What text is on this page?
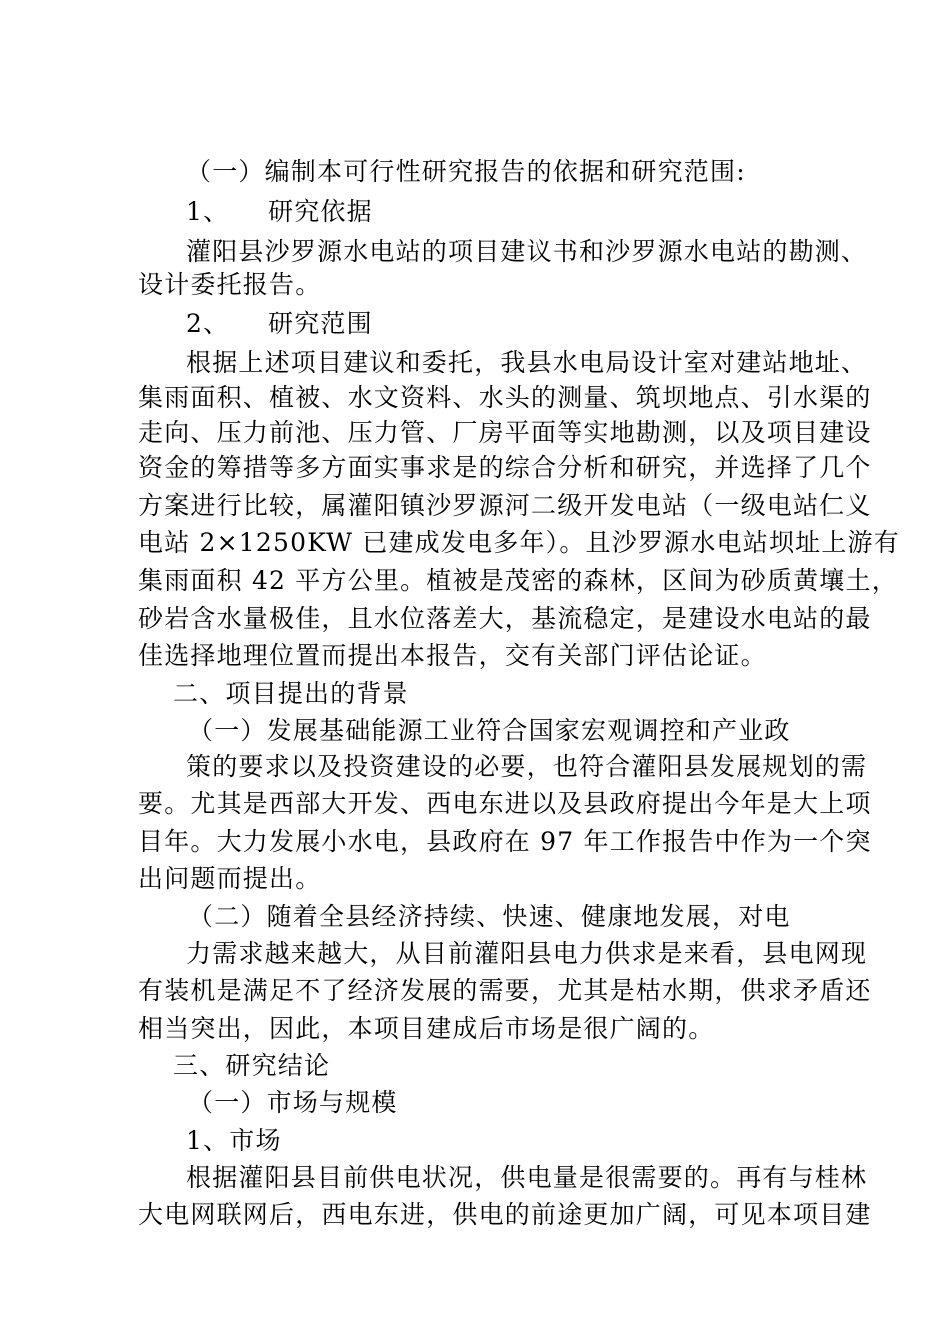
（一）编制本可行性研究报告的依据和研究范围:
1、 研究依据
灌阳县沙罗源水电站的项目建议书和沙罗源水电站的勘测、
设计委托报告。
2、 研究范围
根据上述项目建议和委托，我县水电局设计室对建站地址、
集雨面积、植被、水文资料、水头的测量、筑坝地点、引水渠的
走向、压力前池、压力管、厂房平面等实地勘测，以及项目建设
资金的筹措等多方面实事求是的综合分析和研究，并选择了几个
方案进行比较，属灌阳镇沙罗源河二级开发电站（一级电站仁义
电站 2×1250KW 已建成发电多年）。且沙罗源水电站坝址上游有
集雨面积 42 平方公里。植被是茂密的森林，区间为砂质黄壤土，
砂岩含水量极佳，且水位落差大，基流稳定，是建设水电站的最
佳选择地理位置而提出本报告，交有关部门评估论证。
二、项目提出的背景
（一）发展基础能源工业符合国家宏观调控和产业政
策的要求以及投资建设的必要，也符合灌阳县发展规划的需
要。尤其是西部大开发、西电东进以及县政府提出今年是大上项
目年。大力发展小水电，县政府在 97 年工作报告中作为一个突
出问题而提出。
（二）随着全县经济持续、快速、健康地发展，对电
力需求越来越大，从目前灌阳县电力供求是来看，县电网现
有装机是满足不了经济发展的需要，尤其是枯水期，供求矛盾还
相当突出，因此，本项目建成后市场是很广阔的。
三、研究结论
（一）市场与规模
1、市场
根据灌阳县目前供电状况，供电量是很需要的。再有与桂林
大电网联网后，西电东进，供电的前途更加广阔，可见本项目建
